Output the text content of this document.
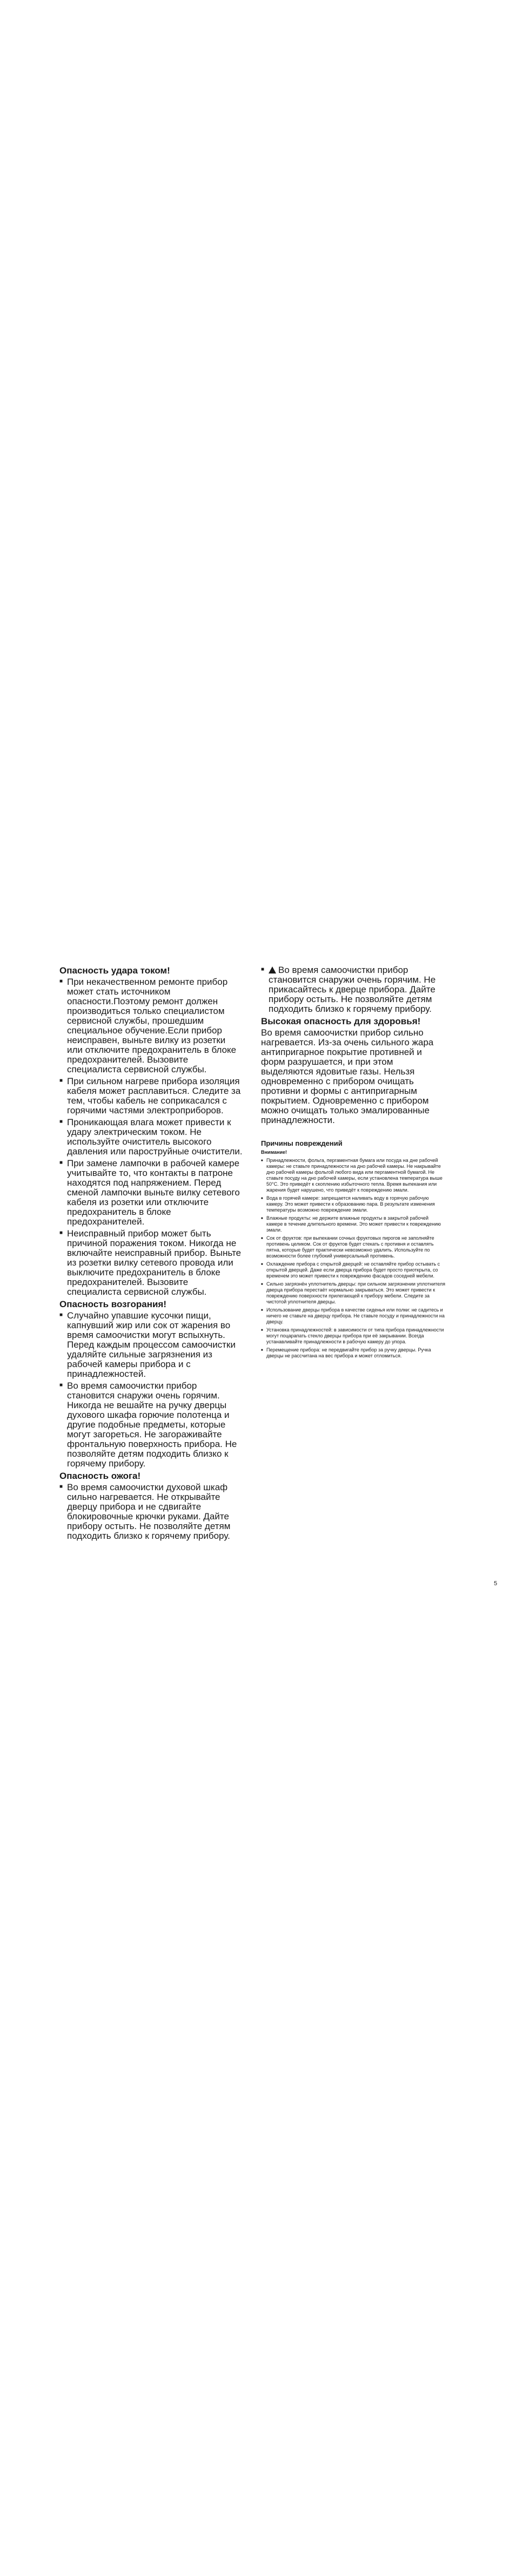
Опасность удара током!
■ При некачественном ремонте прибор может стать источником опасности.Поэтому ремонт должен производиться только специалистом сервисной службы, прошедшим специальное обучение.Если прибор неисправен, выньте вилку из розетки или отключите предохранитель в блоке предохранителей. Вызовите специалиста сервисной службы.
■ При сильном нагреве прибора изоляция кабеля может расплавиться. Следите за тем, чтобы кабель не соприкасался с горячими частями электроприборов.
■ Проникающая влага может привести к удару электрическим током. Не используйте очиститель высокого давления или пароструйные очистители.
■ При замене лампочки в рабочей камере учитывайте то, что контакты в патроне находятся под напряжением. Перед сменой лампочки выньте вилку сетевого кабеля из розетки или отключите предохранитель в блоке предохранителей.
■ Неисправный прибор может быть причиной поражения током. Никогда не включайте неисправный прибор. Выньте из розетки вилку сетевого провода или выключите предохранитель в блоке предохранителей. Вызовите специалиста сервисной службы.
Опасность возгорания!
■ Случайно упавшие кусочки пищи, капнувший жир или сок от жарения во время самоочистки могут вспыхнуть. Перед каждым процессом самоочистки удаляйте сильные загрязнения из рабочей камеры прибора и с принадлежностей.
■ Во время самоочистки прибор становится снаружи очень горячим. Никогда не вешайте на ручку дверцы духового шкафа горючие полотенца и другие подобные предметы, которые могут загореться. Не загораживайте фронтальную поверхность прибора. Не позволяйте детям подходить близко к горячему прибору.
Опасность ожога!
■ Во время самоочистки духовой шкаф сильно нагревается. Не открывайте дверцу прибора и не сдвигайте блокировочные крючки руками. Дайте прибору остыть. Не позволяйте детям подходить близко к горячему прибору.
■ Во время самоочистки прибор становится снаружи очень горячим. Не прикасайтесь к дверце прибора. Дайте прибору остыть. Не позволяйте детям подходить близко к горячему прибору.
Высокая опасность для здоровья!
Во время самоочистки прибор сильно нагревается. Из-за очень сильного жара антипригарное покрытие противней и форм разрушается, и при этом выделяются ядовитые газы. Нельзя одновременно с прибором очищать противни и формы с антипригарным покрытием. Одновременно с прибором можно очищать только эмалированные принадлежности.
Причины повреждений
Внимание!
■ Принадлежности, фольга, пергаментная бумага или посуда на дне рабочей камеры: не ставьте принадлежности на дно рабочей камеры. Не накрывайте дно рабочей камеры фольгой любого вида или пергаментной бумагой. Не ставьте посуду на дно рабочей камеры, если установлена температура выше 50°C. Это приведёт к скоплению избыточного тепла. Время выпекания или жарения будет нарушено, что приведёт к повреждению эмали.
■ Вода в горячей камере: запрещается наливать воду в горячую рабочую камеру. Это может привести к образованию пара. В результате изменения температуры возможно повреждение эмали.
■ Влажные продукты: не держите влажные продукты в закрытой рабочей камере в течение длительного времени. Это может привести к повреждению эмали.
■ Сок от фруктов: при выпекании сочных фруктовых пирогов не заполняйте противень целиком. Сок от фруктов будет стекать с противня и оставлять пятна, которые будет практически невозможно удалить. Используйте по возможности более глубокий универсальный противень.
■ Охлаждение прибора с открытой дверцей: не оставляйте прибор остывать с открытой дверцей. Даже если дверца прибора будет просто приоткрыта, со временем это может привести к повреждению фасадов соседней мебели.
■ Сильно загрязнён уплотнитель дверцы: при сильном загрязнении уплотнителя дверца прибора перестаёт нормально закрываться. Это может привести к повреждению поверхности прилегающей к прибору мебели. Следите за чистотой уплотнителя дверцы.
■ Использование дверцы прибора в качестве сиденья или полки: не садитесь и ничего не ставьте на дверцу прибора. Не ставьте посуду и принадлежности на дверцу.
■ Установка принадлежностей: в зависимости от типа прибора принадлежности могут поцарапать стекло дверцы прибора при её закрывании. Всегда устанавливайте принадлежности в рабочую камеру до упора.
■ Перемещение прибора: не передвигайте прибор за ручку дверцы. Ручка дверцы не рассчитана на вес прибора и может отломиться.
5
